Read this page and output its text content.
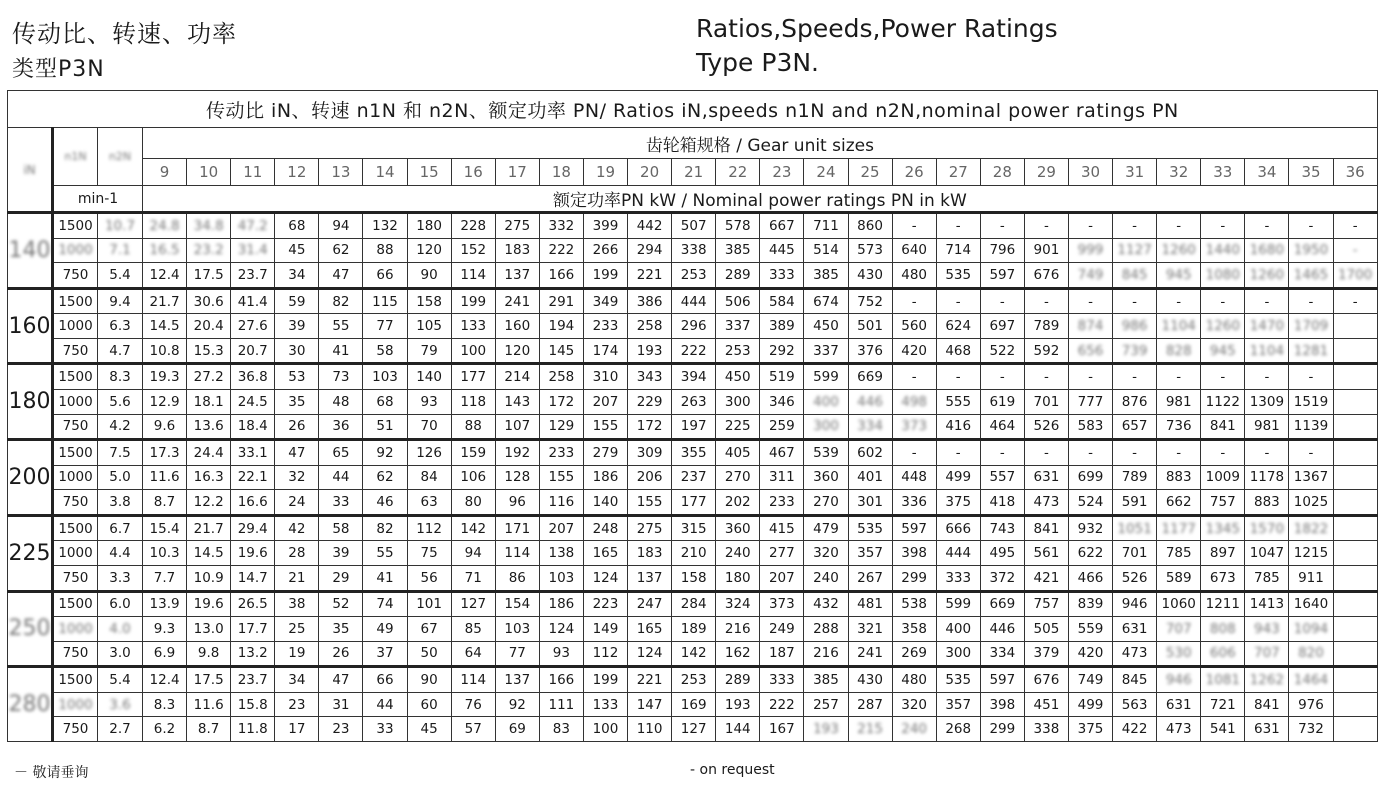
传动比、转速、功率
类型P3N
Ratios,Speeds,Power Ratings
Type P3N.
传动比 iN、转速 n1N 和 n2N、额定功率 PN/ Ratios iN,speeds n1N and n2N,nominal power ratings PN																														
iN	n1N	n2N	齿轮箱规格 / Gear unit sizes																											
			9	10	11	12	13	14	15	16	17	18	19	20	21	22	23	24	25	26	27	28	29	30	31	32	33	34	35	36
	min-1		额定功率PN kW / Nominal power ratings PN in kW																											
140	1500	10.7	24.8	34.8	47.2	68	94	132	180	228	275	332	399	442	507	578	667	711	860	-	-	-	-	-	-	-	-	-	-	-
	1000	7.1	16.5	23.2	31.4	45	62	88	120	152	183	222	266	294	338	385	445	514	573	640	714	796	901	999	1127	1260	1440	1680	1950	-
	750	5.4	12.4	17.5	23.7	34	47	66	90	114	137	166	199	221	253	289	333	385	430	480	535	597	676	749	845	945	1080	1260	1465	1700
160	1500	9.4	21.7	30.6	41.4	59	82	115	158	199	241	291	349	386	444	506	584	674	752	-	-	-	-	-	-	-	-	-	-	-
	1000	6.3	14.5	20.4	27.6	39	55	77	105	133	160	194	233	258	296	337	389	450	501	560	624	697	789	874	986	1104	1260	1470	1709	
	750	4.7	10.8	15.3	20.7	30	41	58	79	100	120	145	174	193	222	253	292	337	376	420	468	522	592	656	739	828	945	1104	1281	
180	1500	8.3	19.3	27.2	36.8	53	73	103	140	177	214	258	310	343	394	450	519	599	669	-	-	-	-	-	-	-	-	-	-	
	1000	5.6	12.9	18.1	24.5	35	48	68	93	118	143	172	207	229	263	300	346	400	446	498	555	619	701	777	876	981	1122	1309	1519	
	750	4.2	9.6	13.6	18.4	26	36	51	70	88	107	129	155	172	197	225	259	300	334	373	416	464	526	583	657	736	841	981	1139	
200	1500	7.5	17.3	24.4	33.1	47	65	92	126	159	192	233	279	309	355	405	467	539	602	-	-	-	-	-	-	-	-	-	-	
	1000	5.0	11.6	16.3	22.1	32	44	62	84	106	128	155	186	206	237	270	311	360	401	448	499	557	631	699	789	883	1009	1178	1367	
	750	3.8	8.7	12.2	16.6	24	33	46	63	80	96	116	140	155	177	202	233	270	301	336	375	418	473	524	591	662	757	883	1025	
225	1500	6.7	15.4	21.7	29.4	42	58	82	112	142	171	207	248	275	315	360	415	479	535	597	666	743	841	932	1051	1177	1345	1570	1822	
	1000	4.4	10.3	14.5	19.6	28	39	55	75	94	114	138	165	183	210	240	277	320	357	398	444	495	561	622	701	785	897	1047	1215	
	750	3.3	7.7	10.9	14.7	21	29	41	56	71	86	103	124	137	158	180	207	240	267	299	333	372	421	466	526	589	673	785	911	
250	1500	6.0	13.9	19.6	26.5	38	52	74	101	127	154	186	223	247	284	324	373	432	481	538	599	669	757	839	946	1060	1211	1413	1640	
	1000	4.0	9.3	13.0	17.7	25	35	49	67	85	103	124	149	165	189	216	249	288	321	358	400	446	505	559	631	707	808	943	1094	
	750	3.0	6.9	9.8	13.2	19	26	37	50	64	77	93	112	124	142	162	187	216	241	269	300	334	379	420	473	530	606	707	820	
280	1500	5.4	12.4	17.5	23.7	34	47	66	90	114	137	166	199	221	253	289	333	385	430	480	535	597	676	749	845	946	1081	1262	1464	
	1000	3.6	8.3	11.6	15.8	23	31	44	60	76	92	111	133	147	169	193	222	257	287	320	357	398	451	499	563	631	721	841	976	
	750	2.7	6.2	8.7	11.8	17	23	33	45	57	69	83	100	110	127	144	167	193	215	240	268	299	338	375	422	473	541	631	732	
－ 敬请垂询	- on request
